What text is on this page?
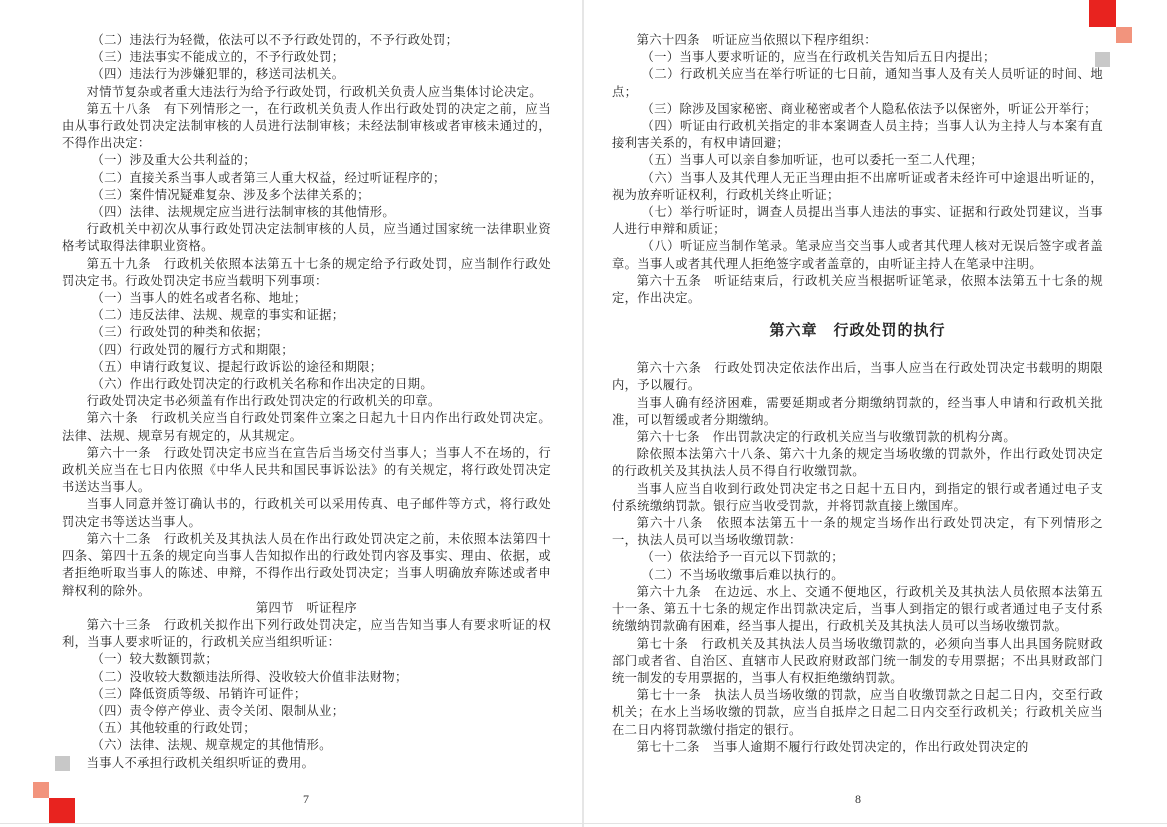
（二）违法行为轻微，依法可以不予行政处罚的，不予行政处罚；

（三）违法事实不能成立的，不予行政处罚；

（四）违法行为涉嫌犯罪的，移送司法机关。

对情节复杂或者重大违法行为给予行政处罚，行政机关负责人应当集体讨论决定。

第五十八条　有下列情形之一，在行政机关负责人作出行政处罚的决定之前，应当由从事行政处罚决定法制审核的人员进行法制审核；未经法制审核或者审核未通过的，不得作出决定：

（一）涉及重大公共利益的；

（二）直接关系当事人或者第三人重大权益，经过听证程序的；

（三）案件情况疑难复杂、涉及多个法律关系的；

（四）法律、法规规定应当进行法制审核的其他情形。

行政机关中初次从事行政处罚决定法制审核的人员，应当通过国家统一法律职业资格考试取得法律职业资格。

第五十九条　行政机关依照本法第五十七条的规定给予行政处罚，应当制作行政处罚决定书。行政处罚决定书应当载明下列事项：

（一）当事人的姓名或者名称、地址；

（二）违反法律、法规、规章的事实和证据；

（三）行政处罚的种类和依据；

（四）行政处罚的履行方式和期限；

（五）申请行政复议、提起行政诉讼的途径和期限；

（六）作出行政处罚决定的行政机关名称和作出决定的日期。

行政处罚决定书必须盖有作出行政处罚决定的行政机关的印章。

第六十条　行政机关应当自行政处罚案件立案之日起九十日内作出行政处罚决定。法律、法规、规章另有规定的，从其规定。

第六十一条　行政处罚决定书应当在宣告后当场交付当事人；当事人不在场的，行政机关应当在七日内依照《中华人民共和国民事诉讼法》的有关规定，将行政处罚决定书送达当事人。

当事人同意并签订确认书的，行政机关可以采用传真、电子邮件等方式，将行政处罚决定书等送达当事人。

第六十二条　行政机关及其执法人员在作出行政处罚决定之前，未依照本法第四十四条、第四十五条的规定向当事人告知拟作出的行政处罚内容及事实、理由、依据，或者拒绝听取当事人的陈述、申辩，不得作出行政处罚决定；当事人明确放弃陈述或者申辩权利的除外。

第四节　听证程序

第六十三条　行政机关拟作出下列行政处罚决定，应当告知当事人有要求听证的权利，当事人要求听证的，行政机关应当组织听证：

（一）较大数额罚款；

（二）没收较大数额违法所得、没收较大价值非法财物；

（三）降低资质等级、吊销许可证件；

（四）责令停产停业、责令关闭、限制从业；

（五）其他较重的行政处罚；

（六）法律、法规、规章规定的其他情形。

当事人不承担行政机关组织听证的费用。

7	8

第六十四条　听证应当依照以下程序组织：

（一）当事人要求听证的，应当在行政机关告知后五日内提出；

（二）行政机关应当在举行听证的七日前，通知当事人及有关人员听证的时间、地点；

（三）除涉及国家秘密、商业秘密或者个人隐私依法予以保密外，听证公开举行；

（四）听证由行政机关指定的非本案调查人员主持；当事人认为主持人与本案有直接利害关系的，有权申请回避；

（五）当事人可以亲自参加听证，也可以委托一至二人代理；

（六）当事人及其代理人无正当理由拒不出席听证或者未经许可中途退出听证的，视为放弃听证权利，行政机关终止听证；

（七）举行听证时，调查人员提出当事人违法的事实、证据和行政处罚建议，当事人进行申辩和质证；

（八）听证应当制作笔录。笔录应当交当事人或者其代理人核对无误后签字或者盖章。当事人或者其代理人拒绝签字或者盖章的，由听证主持人在笔录中注明。

第六十五条　听证结束后，行政机关应当根据听证笔录，依照本法第五十七条的规定，作出决定。

第六章　行政处罚的执行

第六十六条　行政处罚决定依法作出后，当事人应当在行政处罚决定书载明的期限内，予以履行。

当事人确有经济困难，需要延期或者分期缴纳罚款的，经当事人申请和行政机关批准，可以暂缓或者分期缴纳。

第六十七条　作出罚款决定的行政机关应当与收缴罚款的机构分离。

除依照本法第六十八条、第六十九条的规定当场收缴的罚款外，作出行政处罚决定的行政机关及其执法人员不得自行收缴罚款。

当事人应当自收到行政处罚决定书之日起十五日内，到指定的银行或者通过电子支付系统缴纳罚款。银行应当收受罚款，并将罚款直接上缴国库。

第六十八条　依照本法第五十一条的规定当场作出行政处罚决定，有下列情形之一，执法人员可以当场收缴罚款：

（一）依法给予一百元以下罚款的；

（二）不当场收缴事后难以执行的。

第六十九条　在边远、水上、交通不便地区，行政机关及其执法人员依照本法第五十一条、第五十七条的规定作出罚款决定后，当事人到指定的银行或者通过电子支付系统缴纳罚款确有困难，经当事人提出，行政机关及其执法人员可以当场收缴罚款。

第七十条　行政机关及其执法人员当场收缴罚款的，必须向当事人出具国务院财政部门或者省、自治区、直辖市人民政府财政部门统一制发的专用票据；不出具财政部门统一制发的专用票据的，当事人有权拒绝缴纳罚款。

第七十一条　执法人员当场收缴的罚款，应当自收缴罚款之日起二日内，交至行政机关；在水上当场收缴的罚款，应当自抵岸之日起二日内交至行政机关；行政机关应当在二日内将罚款缴付指定的银行。

第七十二条　当事人逾期不履行行政处罚决定的，作出行政处罚决定的
